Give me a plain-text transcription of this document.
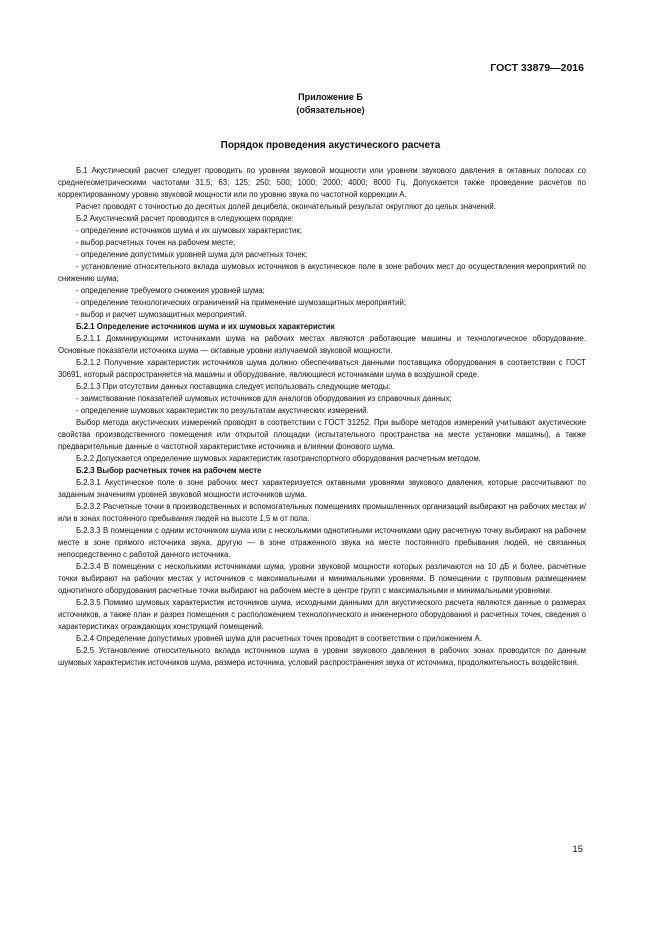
ГОСТ 33879—2016
Приложение Б
(обязательное)
Порядок проведения акустического расчета

Б.1 Акустический расчет следует проводить по уровням звуковой мощности или уровням звукового давления в октавных полосах со среднегеометрическими частотами 31,5; 63; 125; 250; 500; 1000; 2000; 4000; 8000 Гц. Допускается также проведение расчетов по корректированному уровню звуковой мощности или по уровню звука по частотной коррекции А.

Расчет проводят с точностью до десятых долей децибела, окончательный результат округляют до целых значений.

Б.2 Акустический расчет проводится в следующем порядке:

- определение источников шума и их шумовых характеристик;

- выбор расчетных точек на рабочем месте;

- определение допустимых уровней шума для расчетных точек;

- установление относительного вклада шумовых источников в акустическое поле в зоне рабочих мест до осуществления мероприятий по снижению шума;

- определение требуемого снижения уровней шума;

- определение технологических ограничений на применение шумозащитных мероприятий;

- выбор и расчет шумозащитных мероприятий.

Б.2.1 Определение источников шума и их шумовых характеристик

Б.2.1.1 Доминирующими источниками шума на рабочих местах являются работающие машины и технологическое оборудование. Основные показатели источника шума — октавные уровни излучаемой звуковой мощности.

Б.2.1.2 Получение характеристик источников шума должно обеспечиваться данными поставщика оборудования в соответствии с ГОСТ 30691, который распространяется на машины и оборудование, являющиеся источниками шума в воздушной среде.

Б.2.1.3 При отсутствии данных поставщика следует использовать следующие методы:

- заимствование показателей шумовых источников для аналогов оборудования из справочных данных;

- определение шумовых характеристик по результатам акустических измерений.

Выбор метода акустических измерений проводят в соответствии с ГОСТ 31252. При выборе методов измерений учитывают акустические свойства производственного помещения или открытой площадки (испытательного пространства на месте установки машины), а также предварительные данные о частотной характеристике источника и влиянии фонового шума.

Б.2.2 Допускается определение шумовых характеристик газотранспортного оборудования расчетным методом.

Б.2.3 Выбор расчетных точек на рабочем месте

Б.2.3.1 Акустическое поле в зоне рабочих мест характеризуется октавными уровнями звукового давления, которые рассчитывают по заданным значениям уровней звуковой мощности источников шума.

Б.2.3.2 Расчетные точки в производственных и вспомогательных помещениях промышленных организаций выбирают на рабочих местах и/или в зонах постоянного пребывания людей на высоте 1,5 м от пола.

Б.2.3.3 В помещении с одним источником шума или с несколькими однотипными источниками одну расчетную точку выбирают на рабочем месте в зоне прямого источника звука, другую — в зоне отраженного звука на месте постоянного пребывания людей, не связанных непосредственно с работой данного источника.

Б.2.3.4 В помещении с несколькими источниками шума, уровни звуковой мощности которых различаются на 10 дБ и более, расчетные точки выбирают на рабочих местах у источников с максимальными и минимальными уровнями. В помещении с групповым размещением однотипного оборудования расчетные точки выбирают на рабочем месте в центре групп с максимальными и минимальными уровнями.

Б.2.3.5 Помимо шумовых характеристик источников шума, исходными данными для акустического расчета являются данные о размерах источников, а также план и разрез помещения с расположением технологического и инженерного оборудования и расчетных точек, сведения о характеристиках ограждающих конструкций помещений.

Б.2.4 Определение допустимых уровней шума для расчетных точек проводят в соответствии с приложением А.

Б.2.5 Установление относительного вклада источников шума в уровни звукового давления в рабочих зонах проводится по данным шумовых характеристик источников шума, размера источника, условий распространения звука от источника, продолжительность воздействия.

15
